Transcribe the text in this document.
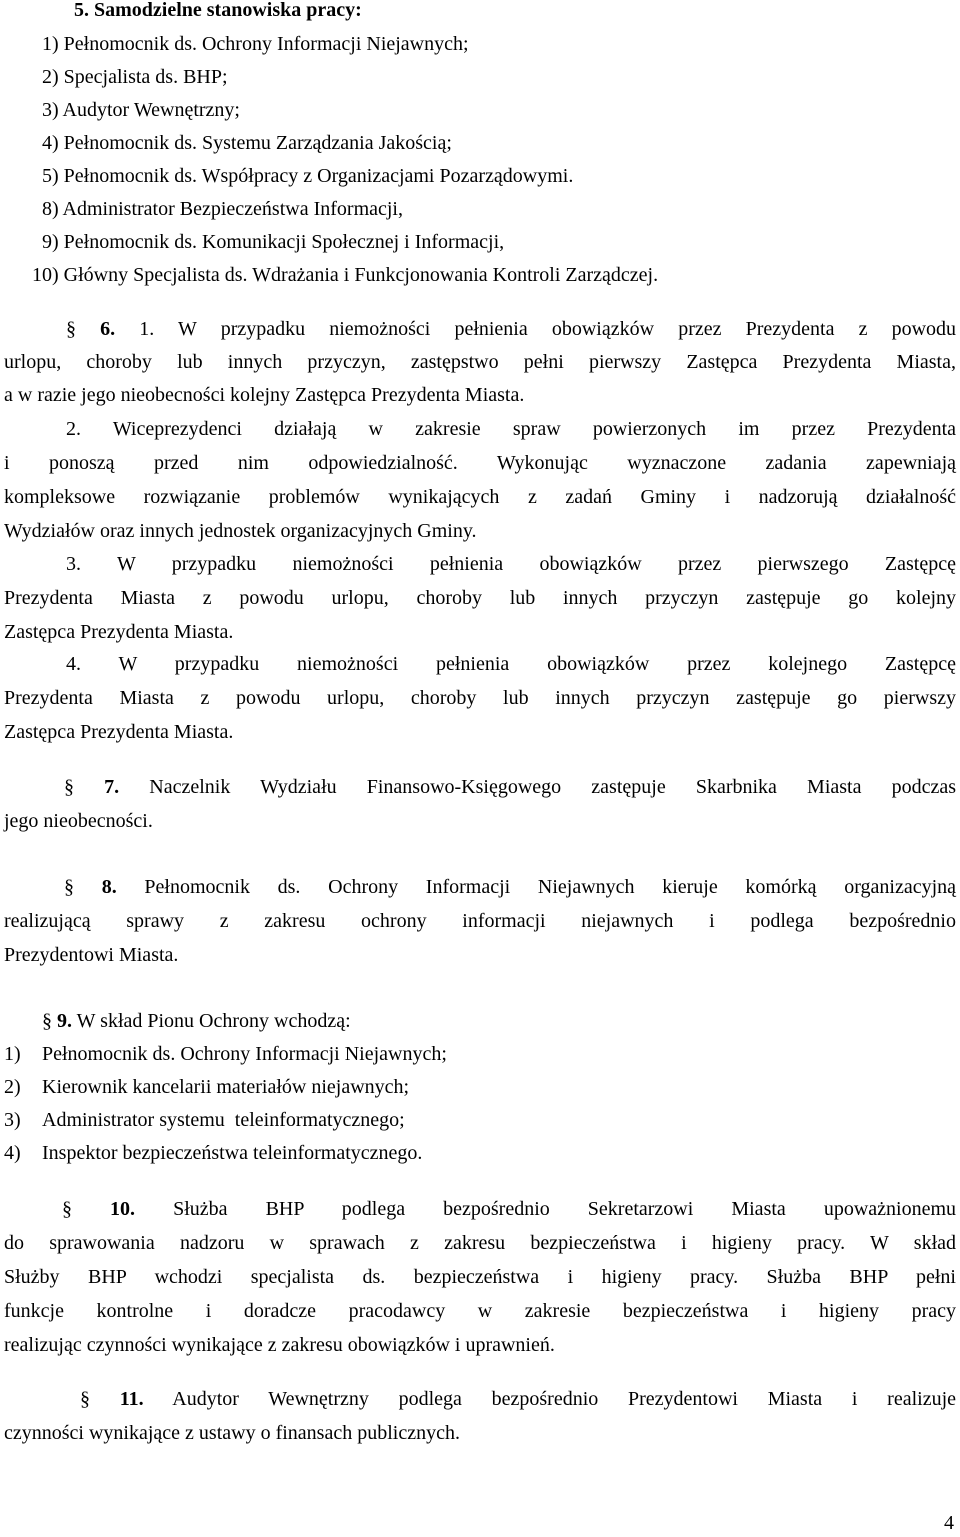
5. Samodzielne stanowiska pracy:
1) Pełnomocnik ds. Ochrony Informacji Niejawnych;
2) Specjalista ds. BHP;
3) Audytor Wewnętrzny;
4) Pełnomocnik ds. Systemu Zarządzania Jakością;
5) Pełnomocnik ds. Współpracy z Organizacjami Pozarządowymi.
8) Administrator Bezpieczeństwa Informacji,
9) Pełnomocnik ds. Komunikacji Społecznej i Informacji,
10) Główny Specjalista ds. Wdrażania i Funkcjonowania Kontroli Zarządczej.
§ 6. 1. W przypadku niemożności pełnienia obowiązków przez Prezydenta z powodu
urlopu, choroby lub innych przyczyn, zastępstwo pełni pierwszy Zastępca Prezydenta Miasta,
a w razie jego nieobecności kolejny Zastępca Prezydenta Miasta.
2. Wiceprezydenci działają w zakresie spraw powierzonych im przez Prezydenta
i ponoszą przed nim odpowiedzialność. Wykonując wyznaczone zadania zapewniają
kompleksowe rozwiązanie problemów wynikających z zadań Gminy i nadzorują działalność
Wydziałów oraz innych jednostek organizacyjnych Gminy.
3. W przypadku niemożności pełnienia obowiązków przez pierwszego Zastępcę
Prezydenta Miasta z powodu urlopu, choroby lub innych przyczyn zastępuje go kolejny
Zastępca Prezydenta Miasta.
4. W przypadku niemożności pełnienia obowiązków przez kolejnego Zastępcę
Prezydenta Miasta z powodu urlopu, choroby lub innych przyczyn zastępuje go pierwszy
Zastępca Prezydenta Miasta.
§ 7. Naczelnik Wydziału Finansowo-Księgowego zastępuje Skarbnika Miasta podczas
jego nieobecności.
§ 8. Pełnomocnik ds. Ochrony Informacji Niejawnych kieruje komórką organizacyjną
realizującą sprawy z zakresu ochrony informacji niejawnych i podlega bezpośrednio
Prezydentowi Miasta.
§ 9. W skład Pionu Ochrony wchodzą:
1) Pełnomocnik ds. Ochrony Informacji Niejawnych;
2) Kierownik kancelarii materiałów niejawnych;
3) Administrator systemu  teleinformatycznego;
4) Inspektor bezpieczeństwa teleinformatycznego.
§ 10. Służba BHP podlega bezpośrednio Sekretarzowi Miasta upoważnionemu
do sprawowania nadzoru w sprawach z zakresu bezpieczeństwa i higieny pracy. W skład
Służby BHP wchodzi specjalista ds. bezpieczeństwa i higieny pracy. Służba BHP pełni
funkcje kontrolne i doradcze pracodawcy w zakresie bezpieczeństwa i higieny pracy
realizując czynności wynikające z zakresu obowiązków i uprawnień.
§ 11. Audytor Wewnętrzny podlega bezpośrednio Prezydentowi Miasta i realizuje
czynności wynikające z ustawy o finansach publicznych.
4
